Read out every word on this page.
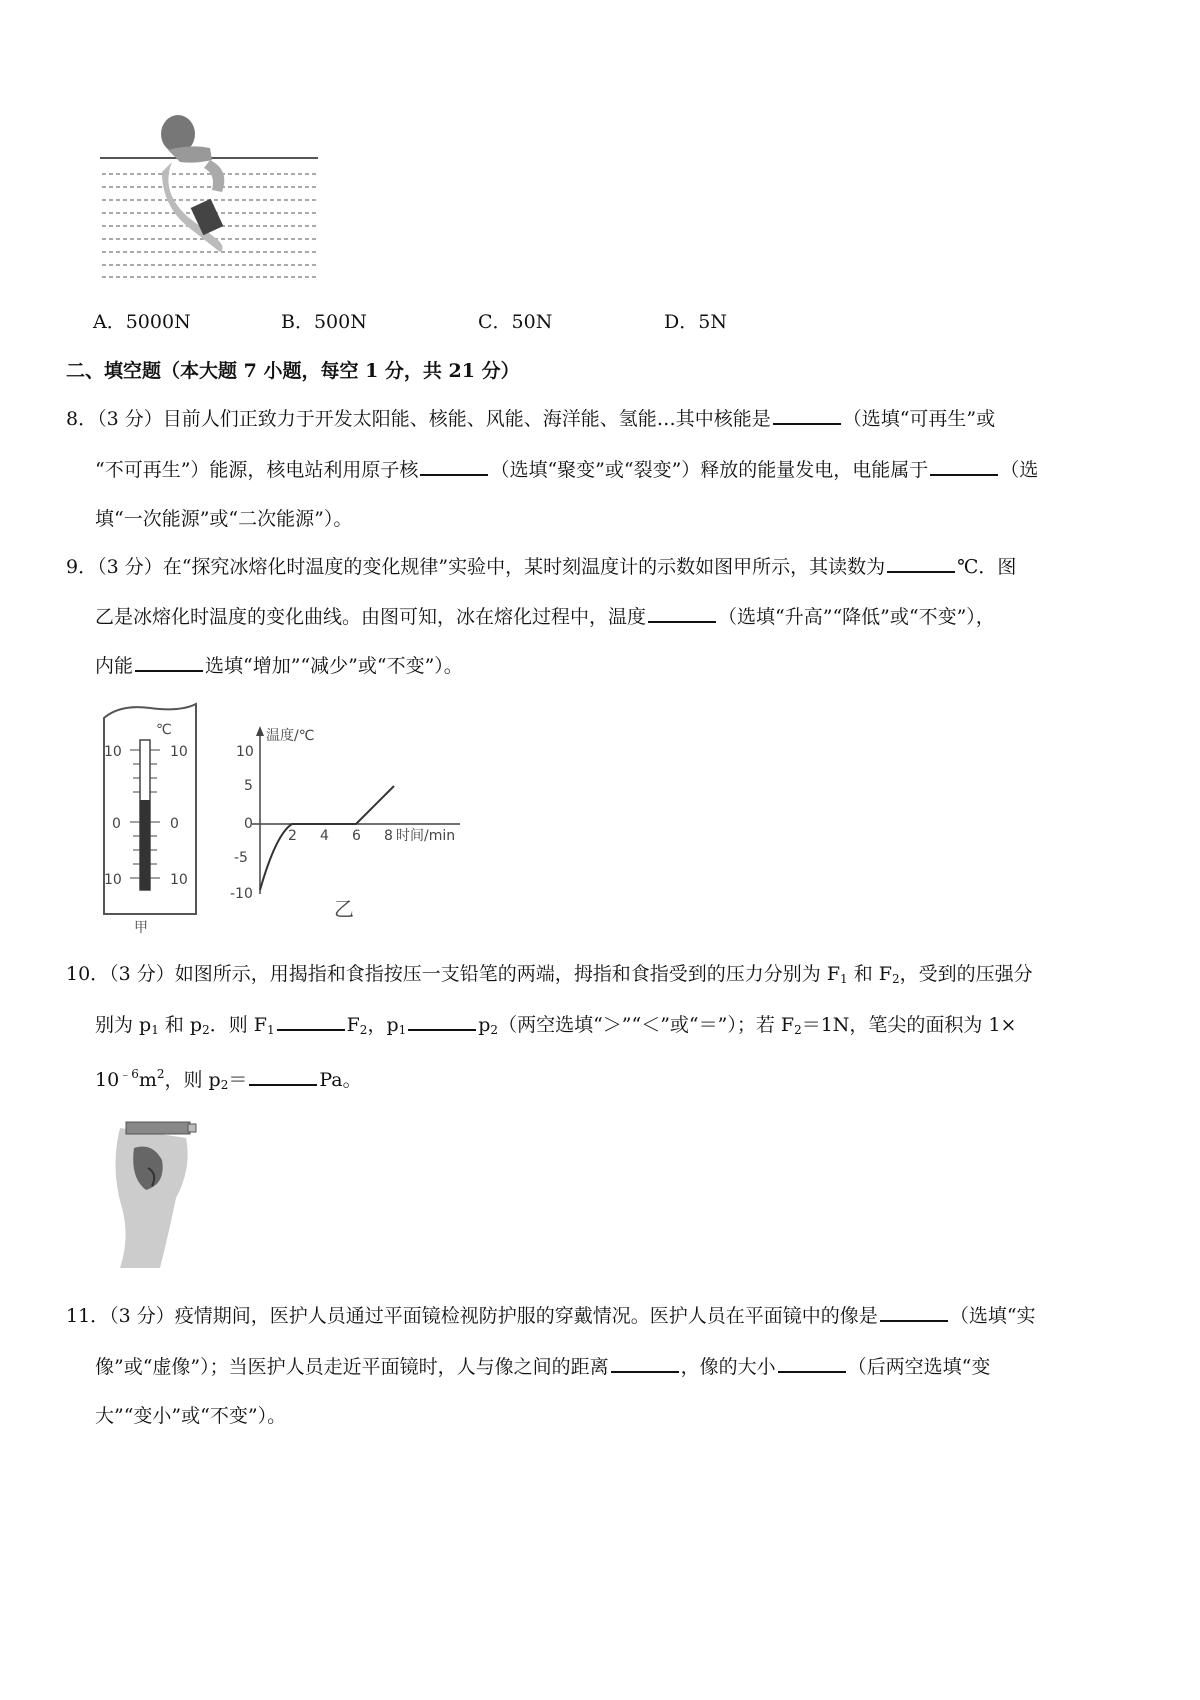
A．5000N	B．500N	C．50N	D．5N
二、填空题（本大题 7 小题，每空 1 分，共 21 分）
8．（3 分）目前人们正致力于开发太阳能、核能、风能、海洋能、氢能…其中核能是	（选填“可再生”或
“不可再生”）能源，核电站利用原子核	（选填“聚变”或“裂变”）释放的能量发电，电能属于	（选
填“一次能源”或“二次能源”）。
9．（3 分）在“探究冰熔化时温度的变化规律”实验中，某时刻温度计的示数如图甲所示，其读数为	℃．图
乙是冰熔化时温度的变化曲线。由图可知，冰在熔化过程中，温度	（选填“升高”“降低”或“不变”），
内能	选填“增加”“减少”或“不变”）。
℃
10	10
0	0
10	10
甲
温度/℃
时间/min
10
5
0
-5
-10
2 4 6 8
乙
10．（3 分）如图所示，用揭指和食指按压一支铅笔的两端，拇指和食指受到的压力分别为 $F_1$ 和 $F_2$，受到的压强分
别为 $p_1$ 和 $p_2$．则 $F_1$	$F_2$，$p_1$	$p_2$（两空选填“＞”“＜”或“＝”）；若 $F_2=1N$，笔尖的面积为 1×
$10^{﹣6}m^2$，则 $p_2=$	Pa。
11．（3 分）疫情期间，医护人员通过平面镜检视防护服的穿戴情况。医护人员在平面镜中的像是	（选填“实
像”或“虚像”）；当医护人员走近平面镜时，人与像之间的距离	，像的大小	（后两空选填“变
大”“变小”或“不变”）。
